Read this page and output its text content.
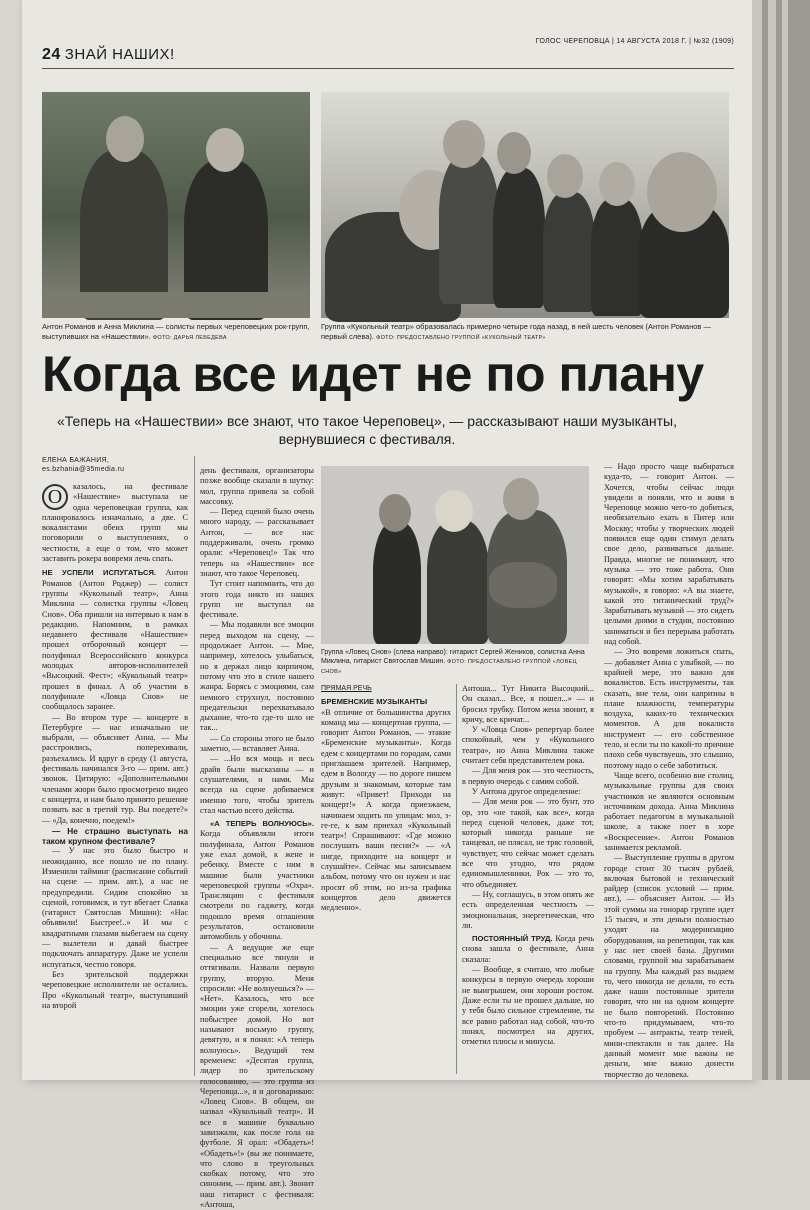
24 ЗНАЙ НАШИХ!
ГОЛОС ЧЕРЕПОВЦА | 14 АВГУСТА 2018 Г. | №32 (1909)
Антон Романов и Анна Миклина — солисты первых череповецких рок-групп, выступивших на «Нашествии». ФОТО: ДАРЬЯ ЛЕБЕДЕВА
Группа «Кукольный театр» образовалась примерно четыре года назад, в ней шесть человек (Антон Романов — первый слева). ФОТО: ПРЕДОСТАВЛЕНО ГРУППОЙ «КУКОЛЬНЫЙ ТЕАТР»
Когда все идет не по плану
«Теперь на «Нашествии» все знают, что такое Череповец», — рассказывают наши музыканты, вернувшиеся с фестиваля.
ЕЛЕНА БАЖАНИЯ,
es.bzhania@35media.ru

О	казалось, на фестивале «Нашествие» выступала не одна череповецкая группа, как планировалось изначально, а две. С вокалистами обеих групп мы поговорили о выступлениях, о честности, а еще о том, что может заставить рокера вовремя лечь спать.

НЕ УСПЕЛИ ИСПУГАТЬСЯ. Антон Романов (Антон Роджер) — солист группы «Кукольный театр», Анна Миклина — солистка группы «Ловец Снов». Оба пришли на интервью к нам в редакцию. Напомним, в рамках недавнего фестиваля «Нашествие» прошел отборочный концерт — полуфинал Всероссийского конкурса молодых авторов-исполнителей «Высоцкий. Фест»; «Кукольный театр» прошел в финал. А об участии в полуфинале «Ловца Снов» не сообщалось заранее.

— Во втором туре — концерте в Петербурге — нас изначально не выбрали, — объясняет Анна. — Мы расстроились, поперехивали, разъехались. И вдруг в среду (1 августа, фестиваль начинался 3-го — прим. авт.) звонок. Цитирую: «Дополнительными членами жюри было просмотрено видео с концерта, и нам было принято решение позвать вас в третий тур. Вы поедете?» — «Да, конечно, поедем!»

— Не страшно выступать на таком крупном фестивале?

— У нас это было быстро и неожиданно, все пошло не по плану. Изменили тайминг (расписание событий на сцене — прим. авт.), а нас не предупредили. Сидим спокойно за сценой, готовимся, и тут вбегает Славка (гитарист Святослав Мишин): «Нас объявили! Быстрее!..» И мы с квадратными глазами выбегаем на сцену — вылетели и давай быстрее подключать аппаратуру. Даже не успели испугаться, честно говоря.

Без зрительской поддержки череповецкие исполнители не остались. Про «Кукольный театр», выступавший на второй

день фестиваля, организаторы позже вообще сказали в шутку: мол, группа привела за собой массовку.

— Перед сценой было очень много народу, — рассказывает Антон, — все нас поддерживали, очень громко орали: «Череповец!» Так что теперь на «Нашествии» все знают, что такое Череповец.

Тут стоит напомнить, что до этого года никто из наших групп не выступал на фестивале.

— Мы подавили все эмоции перед выходом на сцену, — продолжает Антон. — Мне, например, хотелось улыбаться, но я держал лицо кирпичом, потому что это в стиле нашего жанра. Борясь с эмоциями, сам немного струхнул, постоянно предательски перехватывало дыхание, что-то где-то шло не так...

— Со стороны этого не было заметно, — вставляет Анна.

— ...Но вся мощь и весь драйв были высказаны — и слушателями, и нами. Мы всегда на сцене добиваемся именно того, чтобы зритель стал частью всего действа.

«А ТЕПЕРЬ ВОЛНУЮСЬ». Когда объявляли итоги полуфинала, Антон Романов уже ехал домой, к жене и ребенку. Вместе с ним в машине были участники череповецкой группы «Охра». Трансляцию с фестиваля смотрели по гаджету, когда подошло время оглашения результатов, остановили автомобиль у обочины.

— А ведущие же еще специально все тянули и оттягивали. Назвали первую группу, вторую. Меня спросили: «Не волнуешься?» — «Нет». Казалось, что все эмоции уже сгорели, хотелось побыстрее домой. Но вот называют восьмую группу, девятую, и я понял: «А теперь волнуюсь». Ведущий тем временем: «Десятая группа, лидер по зрительскому голосованию, — это группа из Череповца...», я и договариваю: «Ловец Снов». В общем, он назвал «Кукольный театр». И все в машине буквально завизжали, как после гола на футболе. Я орал: «Обадеть»! «Обадеть»!» (вы же понимаете, что слово в треугольных скобках потому, что это синоним, — прим. авт.). Звонит наш гитарист с фестиваля: «Антоша,

Группа «Ловец Снов» (слева направо): гитарист Сергей Жеников, солистка Анна Миклина, гитарист Святослав Мишин. ФОТО: ПРЕДОСТАВЛЕНО ГРУППОЙ «ЛОВЕЦ СНОВ»
ПРЯМАЯ РЕЧЬ

БРЕМЕНСКИЕ МУЗЫКАНТЫ

«В отличие от большинства других команд мы — концертная группа, — говорит Антон Романов, — этакие «Бременские музыканты». Когда едем с концертами по городам, сами приглашаем зрителей. Например, едем в Вологду — по дороге пишем друзьям и знакомым, которые там живут: «Привет! Приходи на концерт!» А когда приезжаем, начинаем ходить по улицам: мол, з-ге-ге, к вам приехал «Кукольный театр»! Спрашивают: «Где можно послушать ваши песни?» — «А нигде, приходите на концерт и слушайте». Сейчас мы записываем альбом, потому что он нужен и нас просят об этом, но из-за графика концертов дело движется медленно».

Антоша... Тут Никита Высоцкий... Он сказал... Все, я пошел...» — и бросил трубку. Потом жена звонит, я кричу, все кричат...

У «Ловца Снов» репертуар более спокойный, чем у «Кукольного театра», но Анна Миклина также считает себя представителем рока.

— Для меня рок — это честность, в первую очередь с самим собой.

У Антона другое определение:

— Для меня рок — это бунт, это ор, это «не такой, как все», когда перед сценой человек, даже тот, который никогда раньше не танцевал, не плясал, не тряс головой, чувствует, что сейчас может сделать все что угодно, что рядом единомышленники. Рок — это то, что объединяет.

— Ну, соглашусь, в этом опять же есть определенная честность — эмоциональная, энергетическая, что ли.

ПОСТОЯННЫЙ ТРУД. Когда речь снова зашла о фестивале, Анна сказала:

— Вообще, я считаю, что любые конкурсы в первую очередь хороши не выигрышем, они хороши ростом. Даже если ты не прошел дальше, но у тебя было сильное стремление, ты все равно работал над собой, что-то понял, посмотрел на других, отметил плюсы и минусы.

— Надо просто чаще выбираться куда-то, — говорит Антон. — Хочется, чтобы сейчас люди увидели и поняли, что и живя в Череповце можно чего-то добиться, необязательно ехать в Питер или Москву; чтобы у творческих людей появился еще один стимул делать свое дело, развиваться дальше. Правда, многие не понимают, что музыка — это тоже работа. Они говорят: «Мы хотим зарабатывать музыкой», я говорю: «А вы знаете, какой это титанический труд?» Зарабатывать музыкой — это сидеть целыми днями в студии, постоянно заниматься и без перерыва работать над собой.

— Это вовремя ложиться спать, — добавляет Анна с улыбкой, — по крайней мере, это важно для вокалистов. Есть инструменты, так сказать, вне тела, они капризны в плане влажности, температуры воздуха, каких-то технических моментов. А для вокалиста инструмент — его собственное тело, и если ты по какой-то причине плохо себя чувствуешь, это слышно, поэтому надо о себе заботиться.

Чаще всего, особенно вне столиц, музыкальные группы для своих участников не являются основным источником дохода. Анна Миклина работает педагогом в музыкальной школе, а также поет в хоре «Воскресение». Антон Романов занимается рекламой.

— Выступление группы в другом городе стоит 30 тысяч рублей, включая бытовой и технический райдер (список условий — прим. авт.), — объясняет Антон. — Из этой суммы на гонорар группе идет 15 тысяч, и эти деньги полностью уходят на модернизацию оборудования, на репетиции, так как у нас нет своей базы. Другими словами, группой мы зарабатываем на группу. Мы каждый раз выдаем то, чего никогда не делали, то есть даже наши постоянные зрители говорят, что ни на одном концерте не было повторений. Постоянно что-то придумываем, что-то пробуем — антракты, театр теней, мини-спектакли и так далее. На данный момент мне важны не деньги, мне важно донести творчество до человека.
